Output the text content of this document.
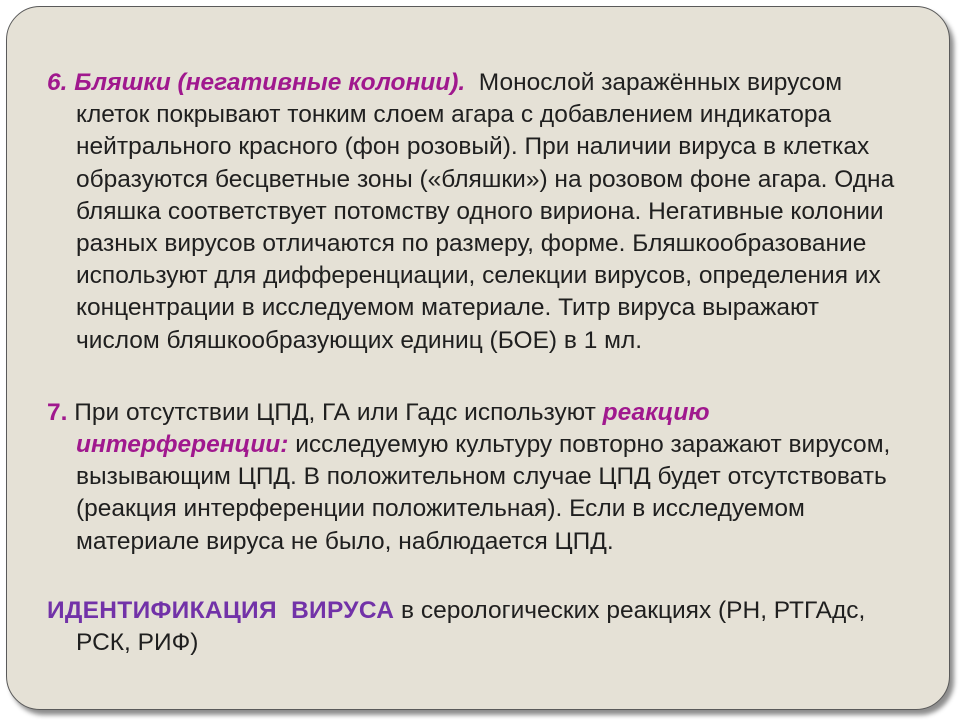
6. Бляшки (негативные колонии). Монослой заражённых вирусом клеток покрывают тонким слоем агара с добавлением индикатора нейтрального красного (фон розовый). При наличии вируса в клетках образуются бесцветные зоны («бляшки») на розовом фоне агара. Одна бляшка соответствует потомству одного вириона. Негативные колонии разных вирусов отличаются по размеру, форме. Бляшкообразование используют для дифференциации, селекции вирусов, определения их концентрации в исследуемом материале. Титр вируса выражают числом бляшкообразующих единиц (БОЕ) в 1 мл.

7. При отсутствии ЦПД, ГА или Гадс используют реакцию интерференции: исследуемую культуру повторно заражают вирусом, вызывающим ЦПД. В положительном случае ЦПД будет отсутствовать (реакция интерференции положительная). Если в исследуемом материале вируса не было, наблюдается ЦПД.

ИДЕНТИФИКАЦИЯ  ВИРУСА в серологических реакциях (РН, РТГАдс, РСК, РИФ)
